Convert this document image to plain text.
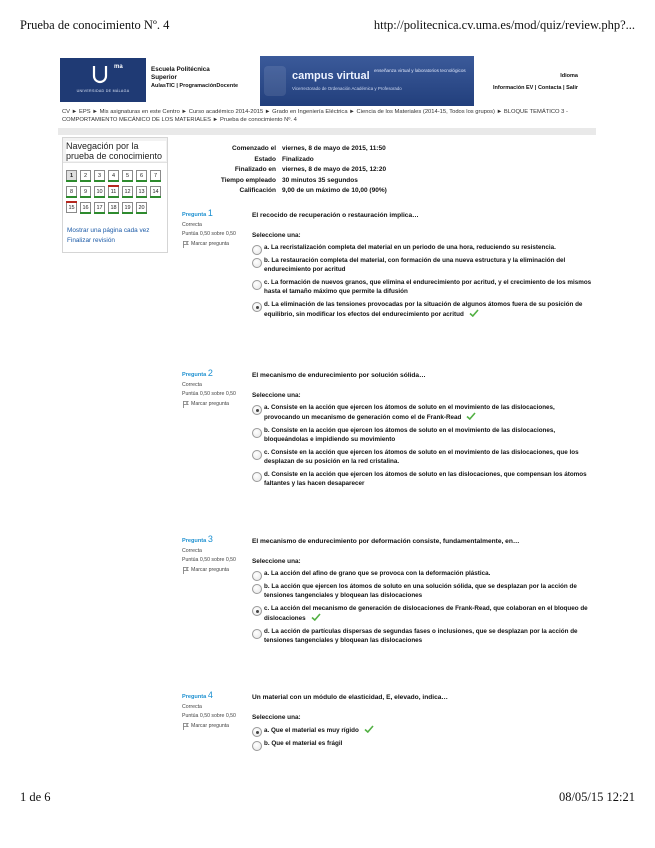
Prueba de conocimiento Nº. 4	http://politecnica.cv.uma.es/mod/quiz/review.php?...
1 de 6	08/05/15 12:21
ma
UNIVERSIDAD DE MÁLAGA
Escuela Politécnica
Superior
AulasTIC | ProgramaciónDocente
campus virtual enseñanza virtual y laboratorios tecnológicos
Vicerrectorado de Ordenación Académica y Profesorado
Idioma
Información EV | Contacta | Salir
CV ► EPS ► Mis asignaturas en este Centro ► Curso académico 2014-2015 ► Grado en Ingeniería Eléctrica ► Ciencia de los Materiales (2014-15, Todos los grupos) ► BLOQUE TEMÁTICO 3 - COMPORTAMIENTO MECÁNICO DE LOS MATERIALES ► Prueba de conocimiento Nº. 4
Navegación por la prueba de conocimiento
1	2	3	4	5	6	7
8	9	10	11	12	13	14
15	16	17	18	19	20
Mostrar una página cada vez
Finalizar revisión
Comenzado el viernes, 8 de mayo de 2015, 11:50
Estado Finalizado
Finalizado en viernes, 8 de mayo de 2015, 12:20
Tiempo empleado 30 minutos 35 segundos
Calificación 9,00 de un máximo de 10,00 (90%)
Pregunta 1
Correcta
Puntúa 0,50 sobre 0,50
Marcar pregunta
El recocido de recuperación o restauración implica…
Seleccione una:
a. La recristalización completa del material en un periodo de una hora, reduciendo su resistencia.
b. La restauración completa del material, con formación de una nueva estructura y la eliminación del endurecimiento por acritud
c. La formación de nuevos granos, que elimina el endurecimiento por acritud, y el crecimiento de los mismos hasta el tamaño máximo que permite la difusión
d. La eliminación de las tensiones provocadas por la situación de algunos átomos fuera de su posición de equilibrio, sin modificar los efectos del endurecimiento por acritud
Pregunta 2
Correcta
Puntúa 0,50 sobre 0,50
Marcar pregunta
El mecanismo de endurecimiento por solución sólida…
Seleccione una:
a. Consiste en la acción que ejercen los átomos de soluto en el movimiento de las dislocaciones, provocando un mecanismo de generación como el de Frank-Read
b. Consiste en la acción que ejercen los átomos de soluto en el movimiento de las dislocaciones, bloqueándolas e impidiendo su movimiento
c. Consiste en la acción que ejercen los átomos de soluto en el movimiento de las dislocaciones, que los desplazan de su posición en la red cristalina.
d. Consiste en la acción que ejercen los átomos de soluto en las dislocaciones, que compensan los átomos faltantes y las hacen desaparecer
Pregunta 3
Correcta
Puntúa 0,50 sobre 0,50
Marcar pregunta
El mecanismo de endurecimiento por deformación consiste, fundamentalmente, en…
Seleccione una:
a. La acción del afino de grano que se provoca con la deformación plástica.
b. La acción que ejercen los átomos de soluto en una solución sólida, que se desplazan por la acción de tensiones tangenciales y bloquean las dislocaciones
c. La acción del mecanismo de generación de dislocaciones de Frank-Read, que colaboran en el bloqueo de dislocaciones
d. La acción de partículas dispersas de segundas fases o inclusiones, que se desplazan por la acción de tensiones tangenciales y bloquean las dislocaciones
Pregunta 4
Correcta
Puntúa 0,50 sobre 0,50
Marcar pregunta
Un material con un módulo de elasticidad, E, elevado, indica…
Seleccione una:
a. Que el material es muy rígido
b. Que el material es frágil
